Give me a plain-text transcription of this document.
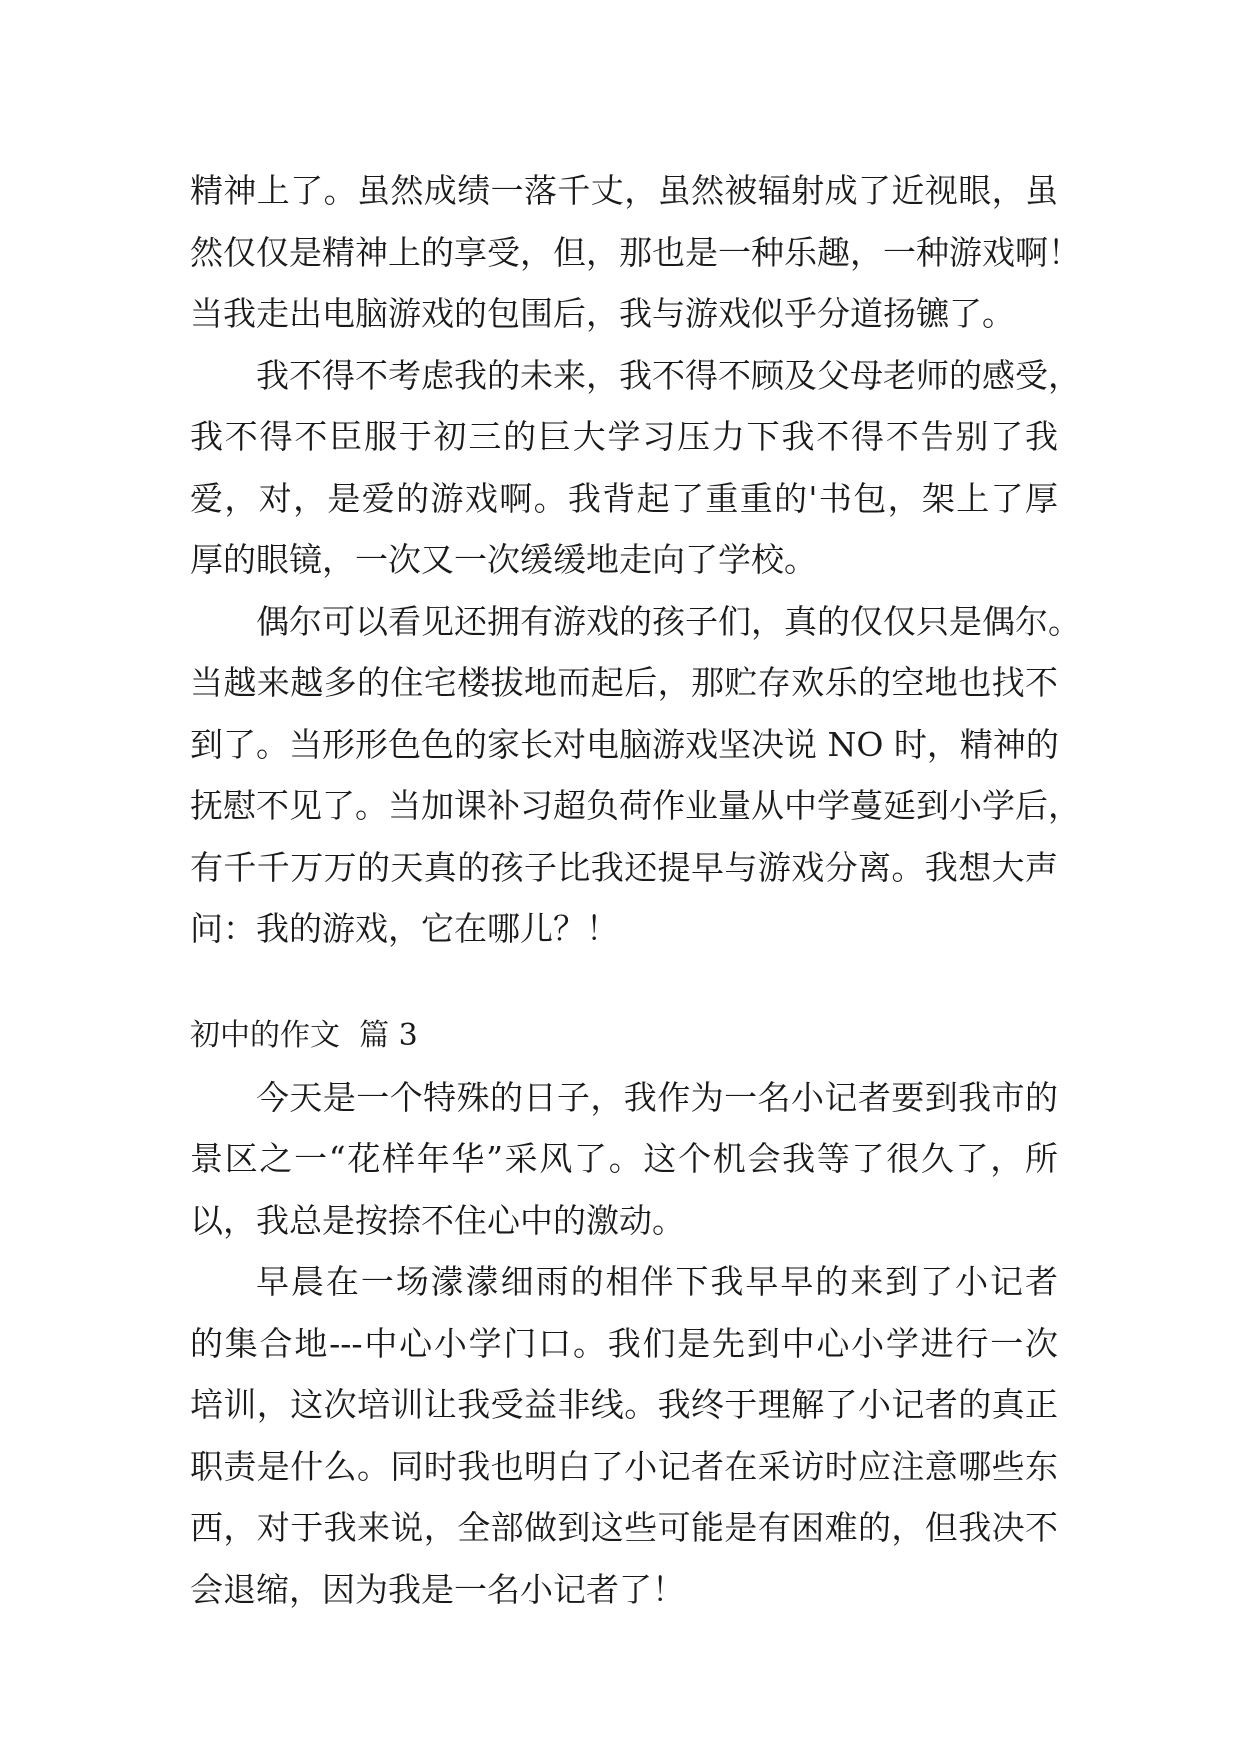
精神上了。虽然成绩一落千丈，虽然被辐射成了近视眼，虽
然仅仅是精神上的享受，但，那也是一种乐趣，一种游戏啊！
当我走出电脑游戏的包围后，我与游戏似乎分道扬镳了。
我不得不考虑我的未来，我不得不顾及父母老师的感受，
我不得不臣服于初三的巨大学习压力下我不得不告别了我
爱，对，是爱的游戏啊。我背起了重重的'书包，架上了厚
厚的眼镜，一次又一次缓缓地走向了学校。
偶尔可以看见还拥有游戏的孩子们，真的仅仅只是偶尔。
当越来越多的住宅楼拔地而起后，那贮存欢乐的空地也找不
到了。当形形色色的家长对电脑游戏坚决说 NO 时，精神的
抚慰不见了。当加课补习超负荷作业量从中学蔓延到小学后，
有千千万万的天真的孩子比我还提早与游戏分离。我想大声
问：我的游戏，它在哪儿？！
初中的作文  篇 3
今天是一个特殊的日子，我作为一名小记者要到我市的
景区之一“花样年华”采风了。这个机会我等了很久了，所
以，我总是按捺不住心中的激动。
早晨在一场濛濛细雨的相伴下我早早的来到了小记者
的集合地---中心小学门口。我们是先到中心小学进行一次
培训，这次培训让我受益非线。我终于理解了小记者的真正
职责是什么。同时我也明白了小记者在采访时应注意哪些东
西，对于我来说，全部做到这些可能是有困难的，但我决不
会退缩，因为我是一名小记者了！
